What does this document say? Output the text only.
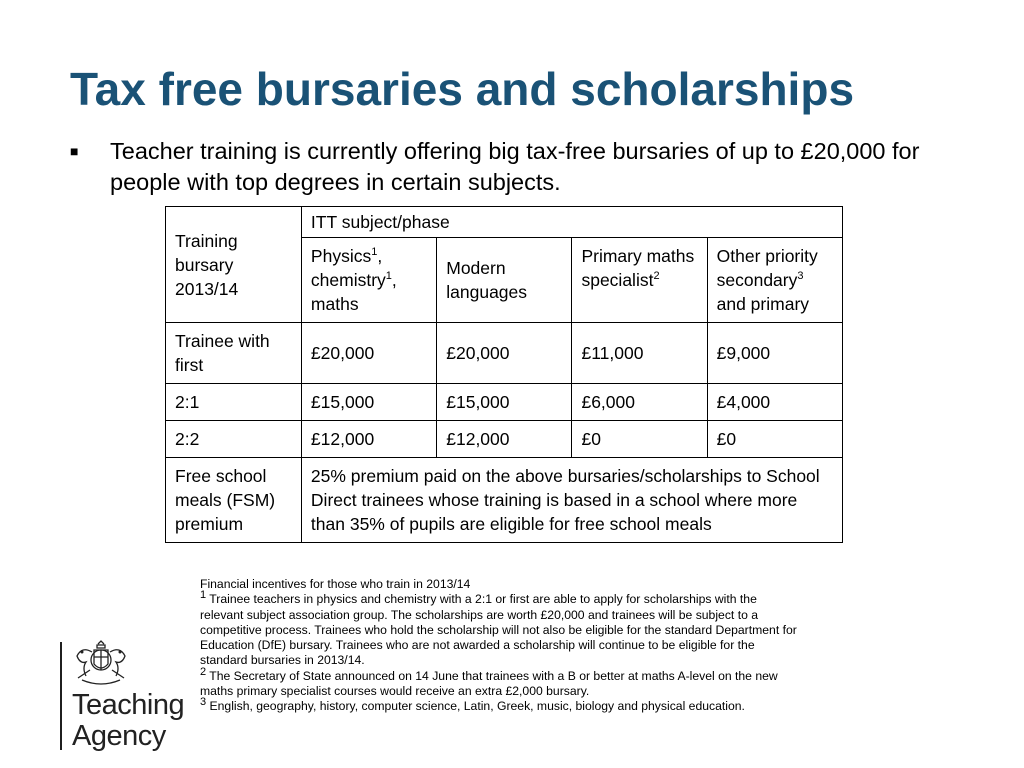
Tax free bursaries and scholarships
■	Teacher training is currently offering big tax-free bursaries of up to £20,000 for people with top degrees in certain subjects.
Training bursary 2013/14	ITT subject/phase			
	Physics$^1$, chemistry$^1$, maths	Modern languages	Primary maths specialist$^2$	Other priority secondary$^3$ and primary
Trainee with first	£20,000	£20,000	£11,000	£9,000
2:1	£15,000	£15,000	£6,000	£4,000
2:2	£12,000	£12,000	£0	£0
Free school meals (FSM) premium	25% premium paid on the above bursaries/scholarships to School Direct trainees whose training is based in a school where more than 35% of pupils are eligible for free school meals			

Financial incentives for those who train in 2013/14

$^1$ Trainee teachers in physics and chemistry with a 2:1 or first are able to apply for scholarships with the relevant subject association group. The scholarships are worth £20,000 and trainees will be subject to a competitive process. Trainees who hold the scholarship will not also be eligible for the standard Department for Education (DfE) bursary. Trainees who are not awarded a scholarship will continue to be eligible for the standard bursaries in 2013/14.

$^2$ The Secretary of State announced on 14 June that trainees with a B or better at maths A-level on the new maths primary specialist courses would receive an extra £2,000 bursary.

$^3$ English, geography, history, computer science, Latin, Greek, music, biology and physical education.

Teaching
Agency
